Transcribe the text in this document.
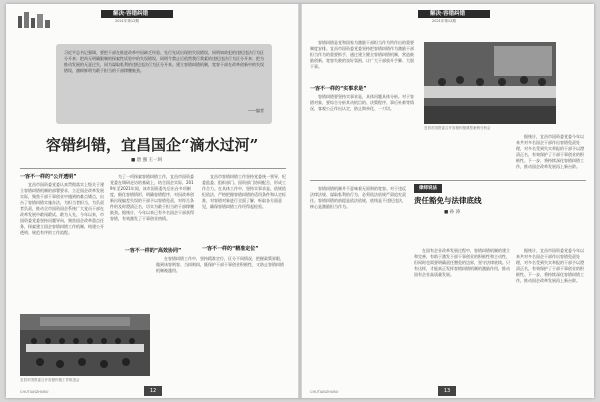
解决·容错纠错
2021年第12期
习近平总书记强调，要把干部在推进改革中因缺乏经验、先行先试出现的失误错误，同明知故犯的违纪违法行为区分开来；把尚无明确限制的探索性试验中的失误错误，同明令禁止后依然我行我素的违纪违法行为区分开来；把为推动发展的无意过失，同为谋取私利的违纪违法行为区分开来。建立容错纠错机制，宽容干部在改革创新中的失误错误，旗帜鲜明为敢于担当的干部撑腰鼓劲。
——编者
容错纠错，宜昌国企“滴水过河”
■ 唐 强 王一珂
一容不一样的“公开透明”

宜昌市国资委党委认真贯彻落实上级关于建立容错纠错机制的部署要求，立足国企改革发展实际，聚焦干部干事创业中遇到的难点堵点，出台了容错纠错实施办法，为担当者担当，为负责者负责，推动全市国资国企系统广大党员干部在改革发展中敢闯敢试、敢为人先。今年以来，市国资委党委坚持问题导向，聚焦国企改革重点任务，探索建立国企容错纠错工作机制，构建公开透明、规范有序的工作流程。

为了一项探索容错纠错工作，宜昌市国资委党委在调研走访的基础上，结合国企实际，2019年至2021年间，该市国资委先后出台多项制度，细化容错情形，明确容错程序，对因改革创新出现偏差失误的干部予以容错免责，对符合条件的及时澄清正名，切实为敢于担当的干部撑腰鼓劲。据统计，今年以来已有多名国企干部获得容错，有效激发了干事创业热情。

一容不一样的“高效协同”

宜昌市容错纠错工作坚持党委统一领导，纪委监委、组织部门、国资部门协同配合，形成工作合力。在具体工作中，坚持实事求是、依规依纪依法，严格把握容错纠错的适用条件和认定标准，对容错对象进行全面了解，听取各方面意见，确保容错纠错工作经得起检验。

一容不一样的“精准定位”

在容错纠错工作中，坚持精准定位，区分不同情况，把握政策界限，做到该容则容、当纠则纠，既保护干部干事创业积极性，又防止容错纠错机制被滥用。

宜昌市国资委召开容错纠错工作推进会
12
CHUTIANZHUBU
解决·容错纠错
2021年第12期

容错纠错是党和国家为激励干部担当作为所作出的重要制度安排。宜昌市国资委党委坚持把容错纠错作为激励干部担当作为的重要抓手，通过建立健全容错纠错机制，营造鼓励创新、宽容失败的良好氛围，让广大干部放开手脚、大胆干事。

一容不一样的“实事求是”

容错纠错要坚持实事求是，具体问题具体分析。对于容错对象，要综合分析其动机目的、决策程序、事后补救等情况，客观公正作出认定，防止简单化、一刀切。

宜昌市国资委召开容错纠错典型案例分析会

据统计，宜昌市国资委党委今年以来共对多名国企干部作出容错免责处理，对多名受到失实举报的干部予以澄清正名，有效保护了干部干事创业的积极性。下一步，将持续深化容错纠错工作，推动国企改革发展再上新台阶。

律师说法
责任豁免与法律底线
■ 孙 涛

容错纠错机制并不意味着无原则的宽容。对于违反法律法规、谋取私利的行为，必须依法依规严肃追究责任。容错纠错的前提是依法依规，底线是不违纪违法，核心是激励担当作为。

在国有企业改革发展过程中，容错纠错机制的建立和完善，有助于激发干部干事创业的积极性和主动性，但同时也需要明确责任豁免的边界，坚守法律底线。只有这样，才能真正发挥容错纠错机制的激励作用，推动国有企业高质量发展。

据统计，宜昌市国资委党委今年以来共对多名国企干部作出容错免责处理，对多名受到失实举报的干部予以澄清正名，有效保护了干部干事创业的积极性。下一步，将持续深化容错纠错工作，推动国企改革发展再上新台阶。

CHUTIANZHUBU	13
